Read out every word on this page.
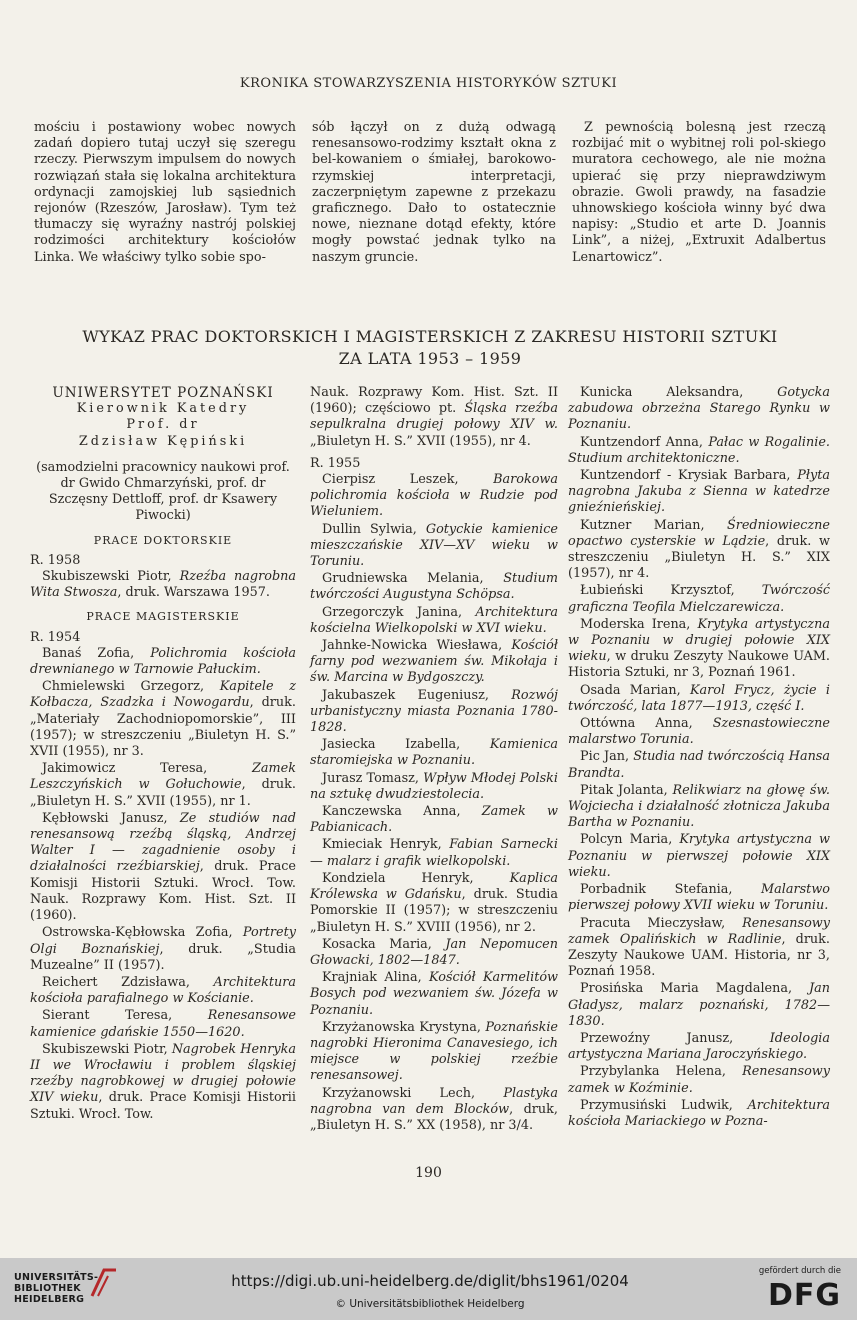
KRONIKA STOWARZYSZENIA HISTORYKÓW SZTUKI

mościu i postawiony wobec nowych zadań dopiero tutaj uczył się szeregu rzeczy. Pierwszym impulsem do nowych rozwiązań stała się lokalna architektura ordynacji zamojskiej lub sąsiednich rejonów (Rzeszów, Jarosław). Tym też tłumaczy się wyraźny nastrój polskiej rodzimości architektury kościołów Linka. We właściwy tylko sobie spo-

sób łączył on z dużą odwagą renesansowo-rodzimy kształt okna z bel-kowaniem o śmiałej, barokowo-rzymskiej interpretacji, zaczerpniętym zapewne z przekazu graficznego. Dało to ostatecznie nowe, nieznane dotąd efekty, które mogły powstać jednak tylko na naszym gruncie.

Z pewnością bolesną jest rzeczą rozbijać mit o wybitnej roli pol-skiego muratora cechowego, ale nie można upierać się przy nieprawdziwym obrazie. Gwoli prawdy, na fasadzie uhnowskiego kościoła winny być dwa napisy: „Studio et arte D. Joannis Link”, a niżej, „Extruxit Adalbertus Lenartowicz”.

WYKAZ PRAC DOKTORSKICH I MAGISTERSKICH Z ZAKRESU HISTORII SZTUKI
ZA LATA 1953 – 1959

UNIWERSYTET POZNAŃSKI

Kierownik Katedry

Prof. dr

Zdzisław Kępiński

(samodzielni pracownicy naukowi prof. dr Gwido Chmarzyński, prof. dr Szczęsny Dettloff, prof. dr Ksawery Piwocki)

PRACE DOKTORSKIE

R. 1958

Skubiszewski Piotr, Rzeźba nagrobna Wita Stwosza, druk. Warszawa 1957.

PRACE MAGISTERSKIE

R. 1954

Banaś Zofia, Polichromia kościoła drewnianego w Tarnowie Pałuckim.

Chmielewski Grzegorz, Kapitele z Kołbacza, Szadzka i Nowogardu, druk. „Materiały Zachodniopomorskie”, III (1957); w streszczeniu „Biuletyn H. S.” XVII (1955), nr 3.

Jakimowicz Teresa, Zamek Leszczyńskich w Gołuchowie, druk. „Biuletyn H. S.” XVII (1955), nr 1.

Kębłowski Janusz, Ze studiów nad renesansową rzeźbą śląską, Andrzej Walter I — zagadnienie osoby i działalności rzeźbiarskiej, druk. Prace Komisji Historii Sztuki. Wrocł. Tow. Nauk. Rozprawy Kom. Hist. Szt. II (1960).

Ostrowska-Kębłowska Zofia, Portrety Olgi Boznańskiej, druk. „Studia Muzealne” II (1957).

Reichert Zdzisława, Architektura kościoła parafialnego w Kościanie.

Sierant Teresa, Renesansowe kamienice gdańskie 1550—1620.

Skubiszewski Piotr, Nagrobek Henryka II we Wrocławiu i problem śląskiej rzeźby nagrobkowej w drugiej połowie XIV wieku, druk. Prace Komisji Historii Sztuki. Wrocł. Tow.

Nauk. Rozprawy Kom. Hist. Szt. II (1960); częściowo pt. Śląska rzeźba sepulkralna drugiej połowy XIV w. „Biuletyn H. S.” XVII (1955), nr 4.

R. 1955

Cierpisz Leszek, Barokowa polichromia kościoła w Rudzie pod Wieluniem.

Dullin Sylwia, Gotyckie kamienice mieszczańskie XIV—XV wieku w Toruniu.

Grudniewska Melania, Studium twórczości Augustyna Schöpsa.

Grzegorczyk Janina, Architektura kościelna Wielkopolski w XVI wieku.

Jahnke-Nowicka Wiesława, Kościół farny pod wezwaniem św. Mikołaja i św. Marcina w Bydgoszczy.

Jakubaszek Eugeniusz, Rozwój urbanistyczny miasta Poznania 1780-1828.

Jasiecka Izabella, Kamienica staromiejska w Poznaniu.

Jurasz Tomasz, Wpływ Młodej Polski na sztukę dwudziestolecia.

Kanczewska Anna, Zamek w Pabianicach.

Kmieciak Henryk, Fabian Sarnecki — malarz i grafik wielkopolski.

Kondziela Henryk, Kaplica Królewska w Gdańsku, druk. Studia Pomorskie II (1957); w streszczeniu „Biuletyn H. S.” XVIII (1956), nr 2.

Kosacka Maria, Jan Nepomucen Głowacki, 1802—1847.

Krajniak Alina, Kościół Karmelitów Bosych pod wezwaniem św. Józefa w Poznaniu.

Krzyżanowska Krystyna, Poznańskie nagrobki Hieronima Canavesiego, ich miejsce w polskiej rzeźbie renesansowej.

Krzyżanowski Lech, Plastyka nagrobna van dem Blocków, druk, „Biuletyn H. S.” XX (1958), nr 3/4.

Kunicka Aleksandra, Gotycka zabudowa obrzeżna Starego Rynku w Poznaniu.

Kuntzendorf Anna, Pałac w Rogalinie. Studium architektoniczne.

Kuntzendorf - Krysiak Barbara, Płyta nagrobna Jakuba z Sienna w katedrze gnieźnieńskiej.

Kutzner Marian, Średniowieczne opactwo cysterskie w Lądzie, druk. w streszczeniu „Biuletyn H. S.” XIX (1957), nr 4.

Łubieński Krzysztof, Twórczość graficzna Teofila Mielczarewicza.

Moderska Irena, Krytyka artystyczna w Poznaniu w drugiej połowie XIX wieku, w druku Zeszyty Naukowe UAM. Historia Sztuki, nr 3, Poznań 1961.

Osada Marian, Karol Frycz, życie i twórczość, lata 1877—1913, część I.

Ottówna Anna, Szesnastowieczne malarstwo Torunia.

Pic Jan, Studia nad twórczością Hansa Brandta.

Pitak Jolanta, Relikwiarz na głowę św. Wojciecha i działalność złotnicza Jakuba Bartha w Poznaniu.

Polcyn Maria, Krytyka artystyczna w Poznaniu w pierwszej połowie XIX wieku.

Porbadnik Stefania, Malarstwo pierwszej połowy XVII wieku w Toruniu.

Pracuta Mieczysław, Renesansowy zamek Opalińskich w Radlinie, druk. Zeszyty Naukowe UAM. Historia, nr 3, Poznań 1958.

Prosińska Maria Magdalena, Jan Gładysz, malarz poznański, 1782—1830.

Przewoźny Janusz, Ideologia artystyczna Mariana Jaroczyńskiego.

Przybylanka Helena, Renesansowy zamek w Koźminie.

Przymusiński Ludwik, Architektura kościoła Mariackiego w Pozna-

190
UNIVERSITÄTS-
BIBLIOTHEK
HEIDELBERG
https://digi.ub.uni-heidelberg.de/diglit/bhs1961/0204
© Universitätsbibliothek Heidelberg
gefördert durch die
DFG
